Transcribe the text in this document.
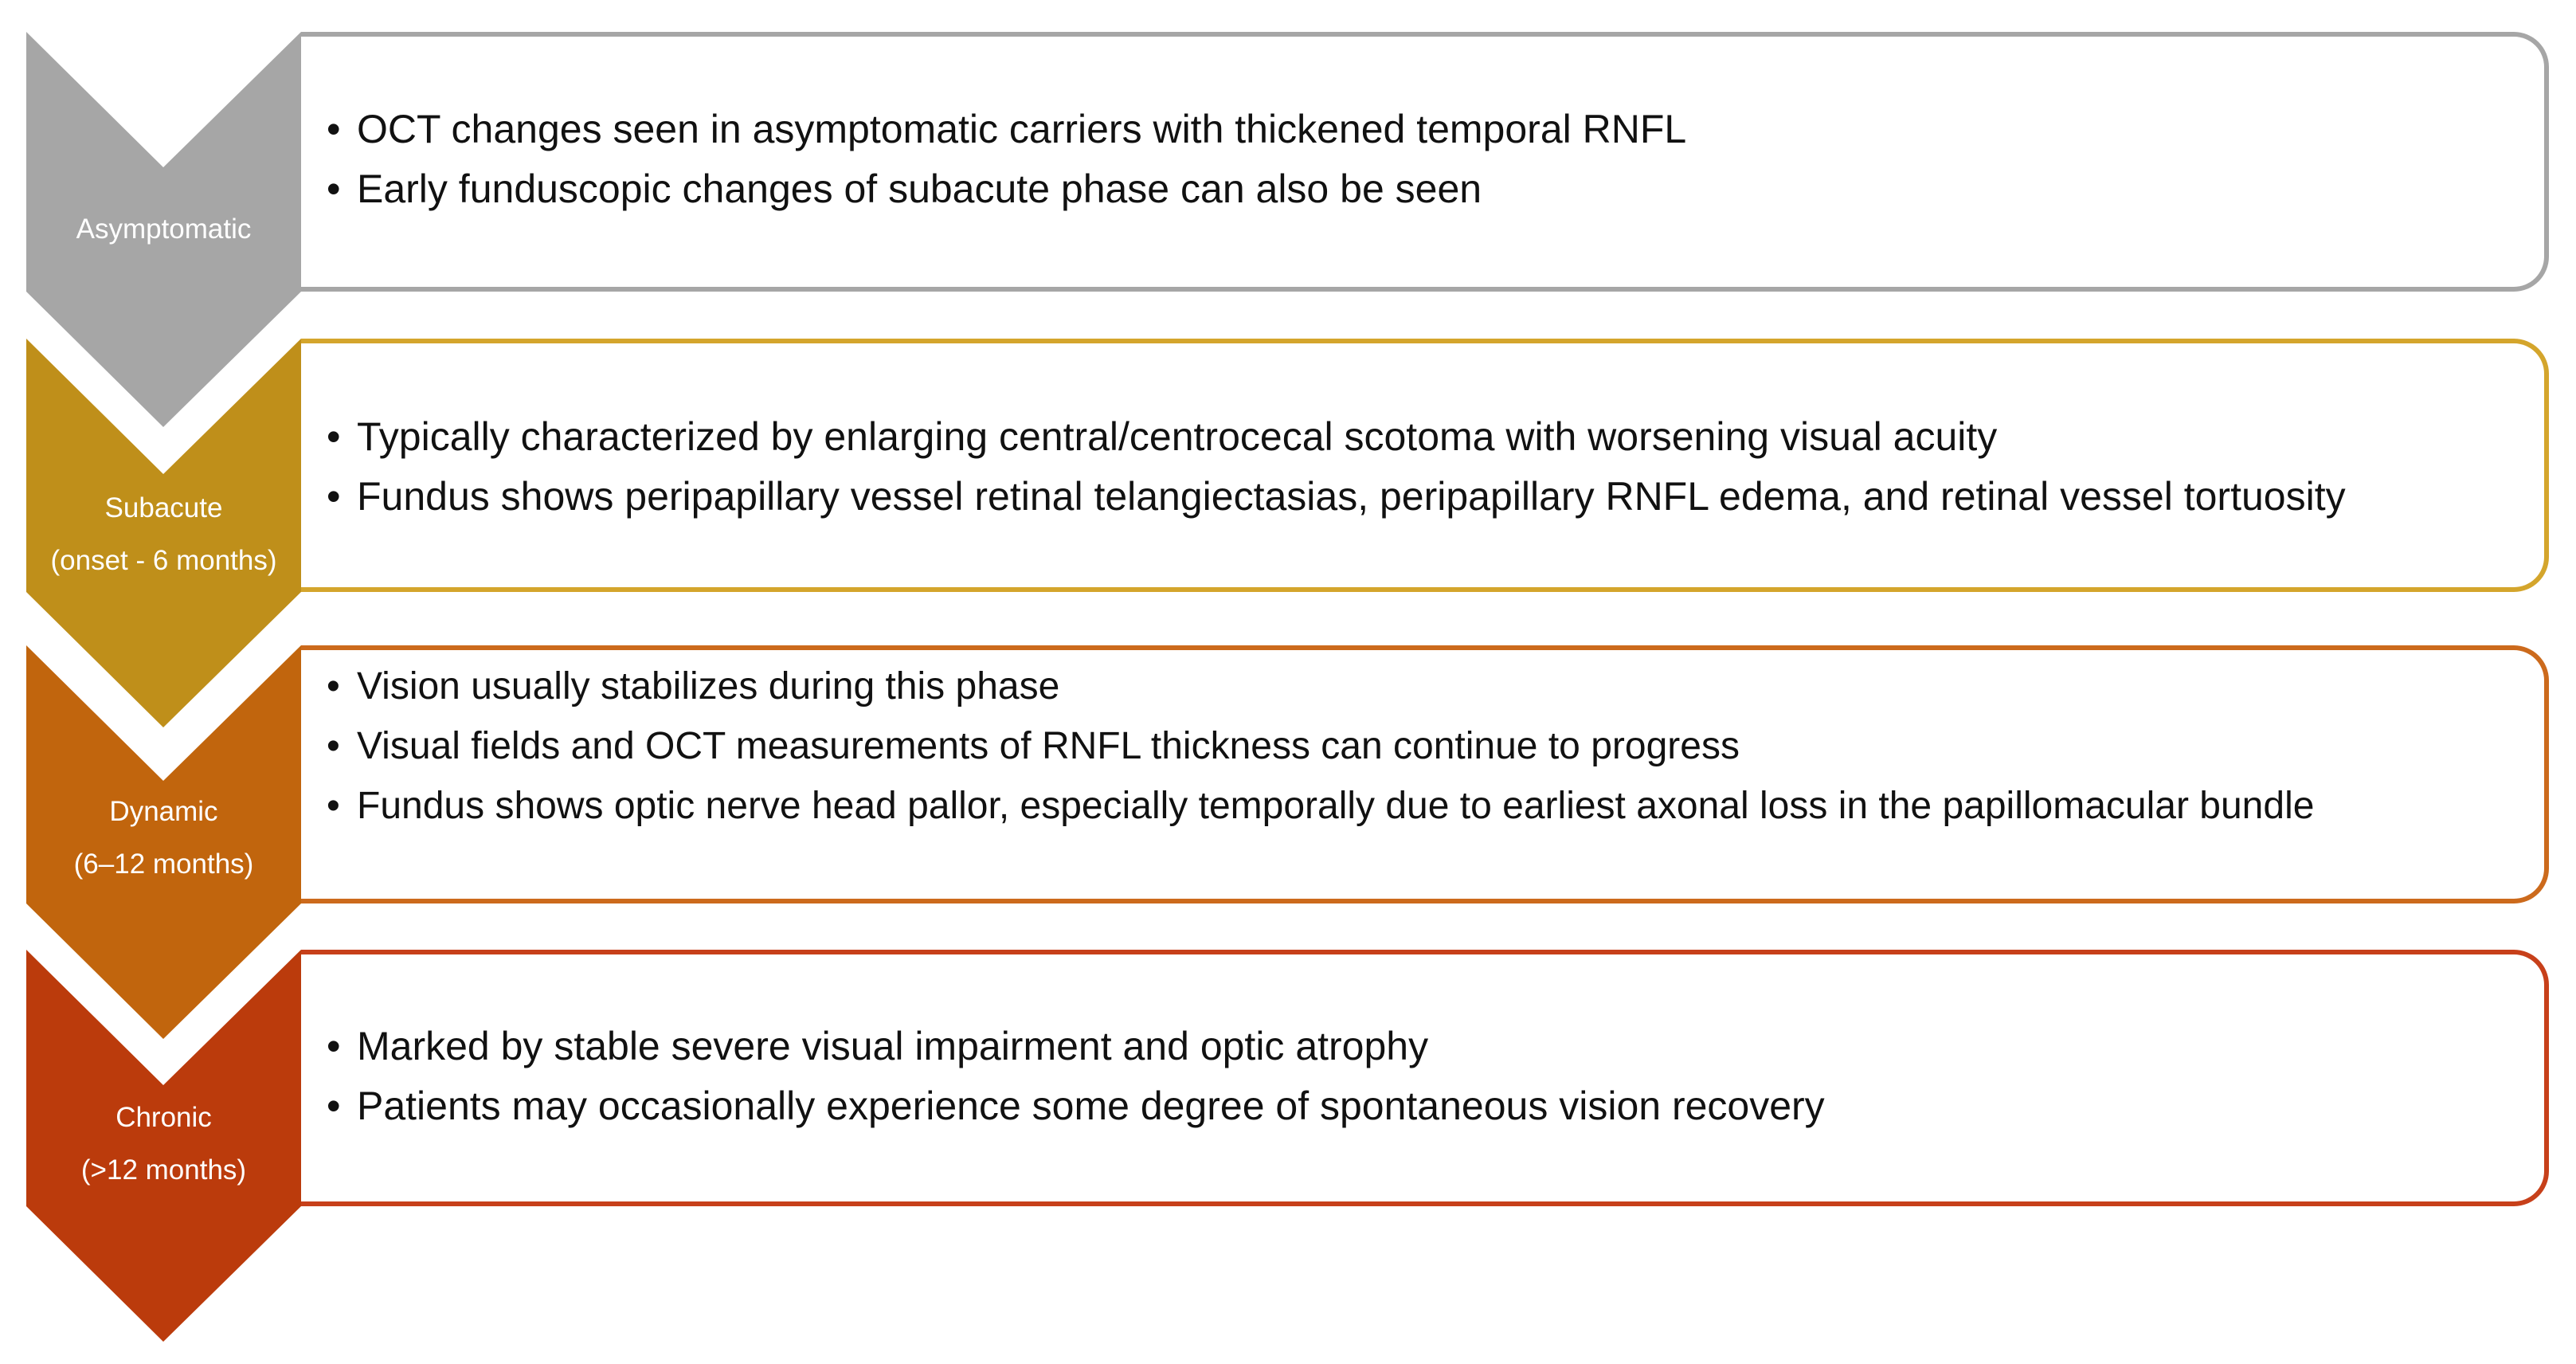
Asymptomatic
• OCT changes seen in asymptomatic carriers with thickened temporal RNFL
• Early funduscopic changes of subacute phase can also be seen
Subacute
(onset - 6 months)
• Typically characterized by enlarging central/centrocecal scotoma with worsening visual acuity
• Fundus shows peripapillary vessel retinal telangiectasias, peripapillary RNFL edema, and retinal vessel tortuosity
Dynamic
(6–12 months)
• Vision usually stabilizes during this phase
• Visual fields and OCT measurements of RNFL thickness can continue to progress
• Fundus shows optic nerve head pallor, especially temporally due to earliest axonal loss in the papillomacular bundle
Chronic
(>12 months)
• Marked by stable severe visual impairment and optic atrophy
• Patients may occasionally experience some degree of spontaneous vision recovery
